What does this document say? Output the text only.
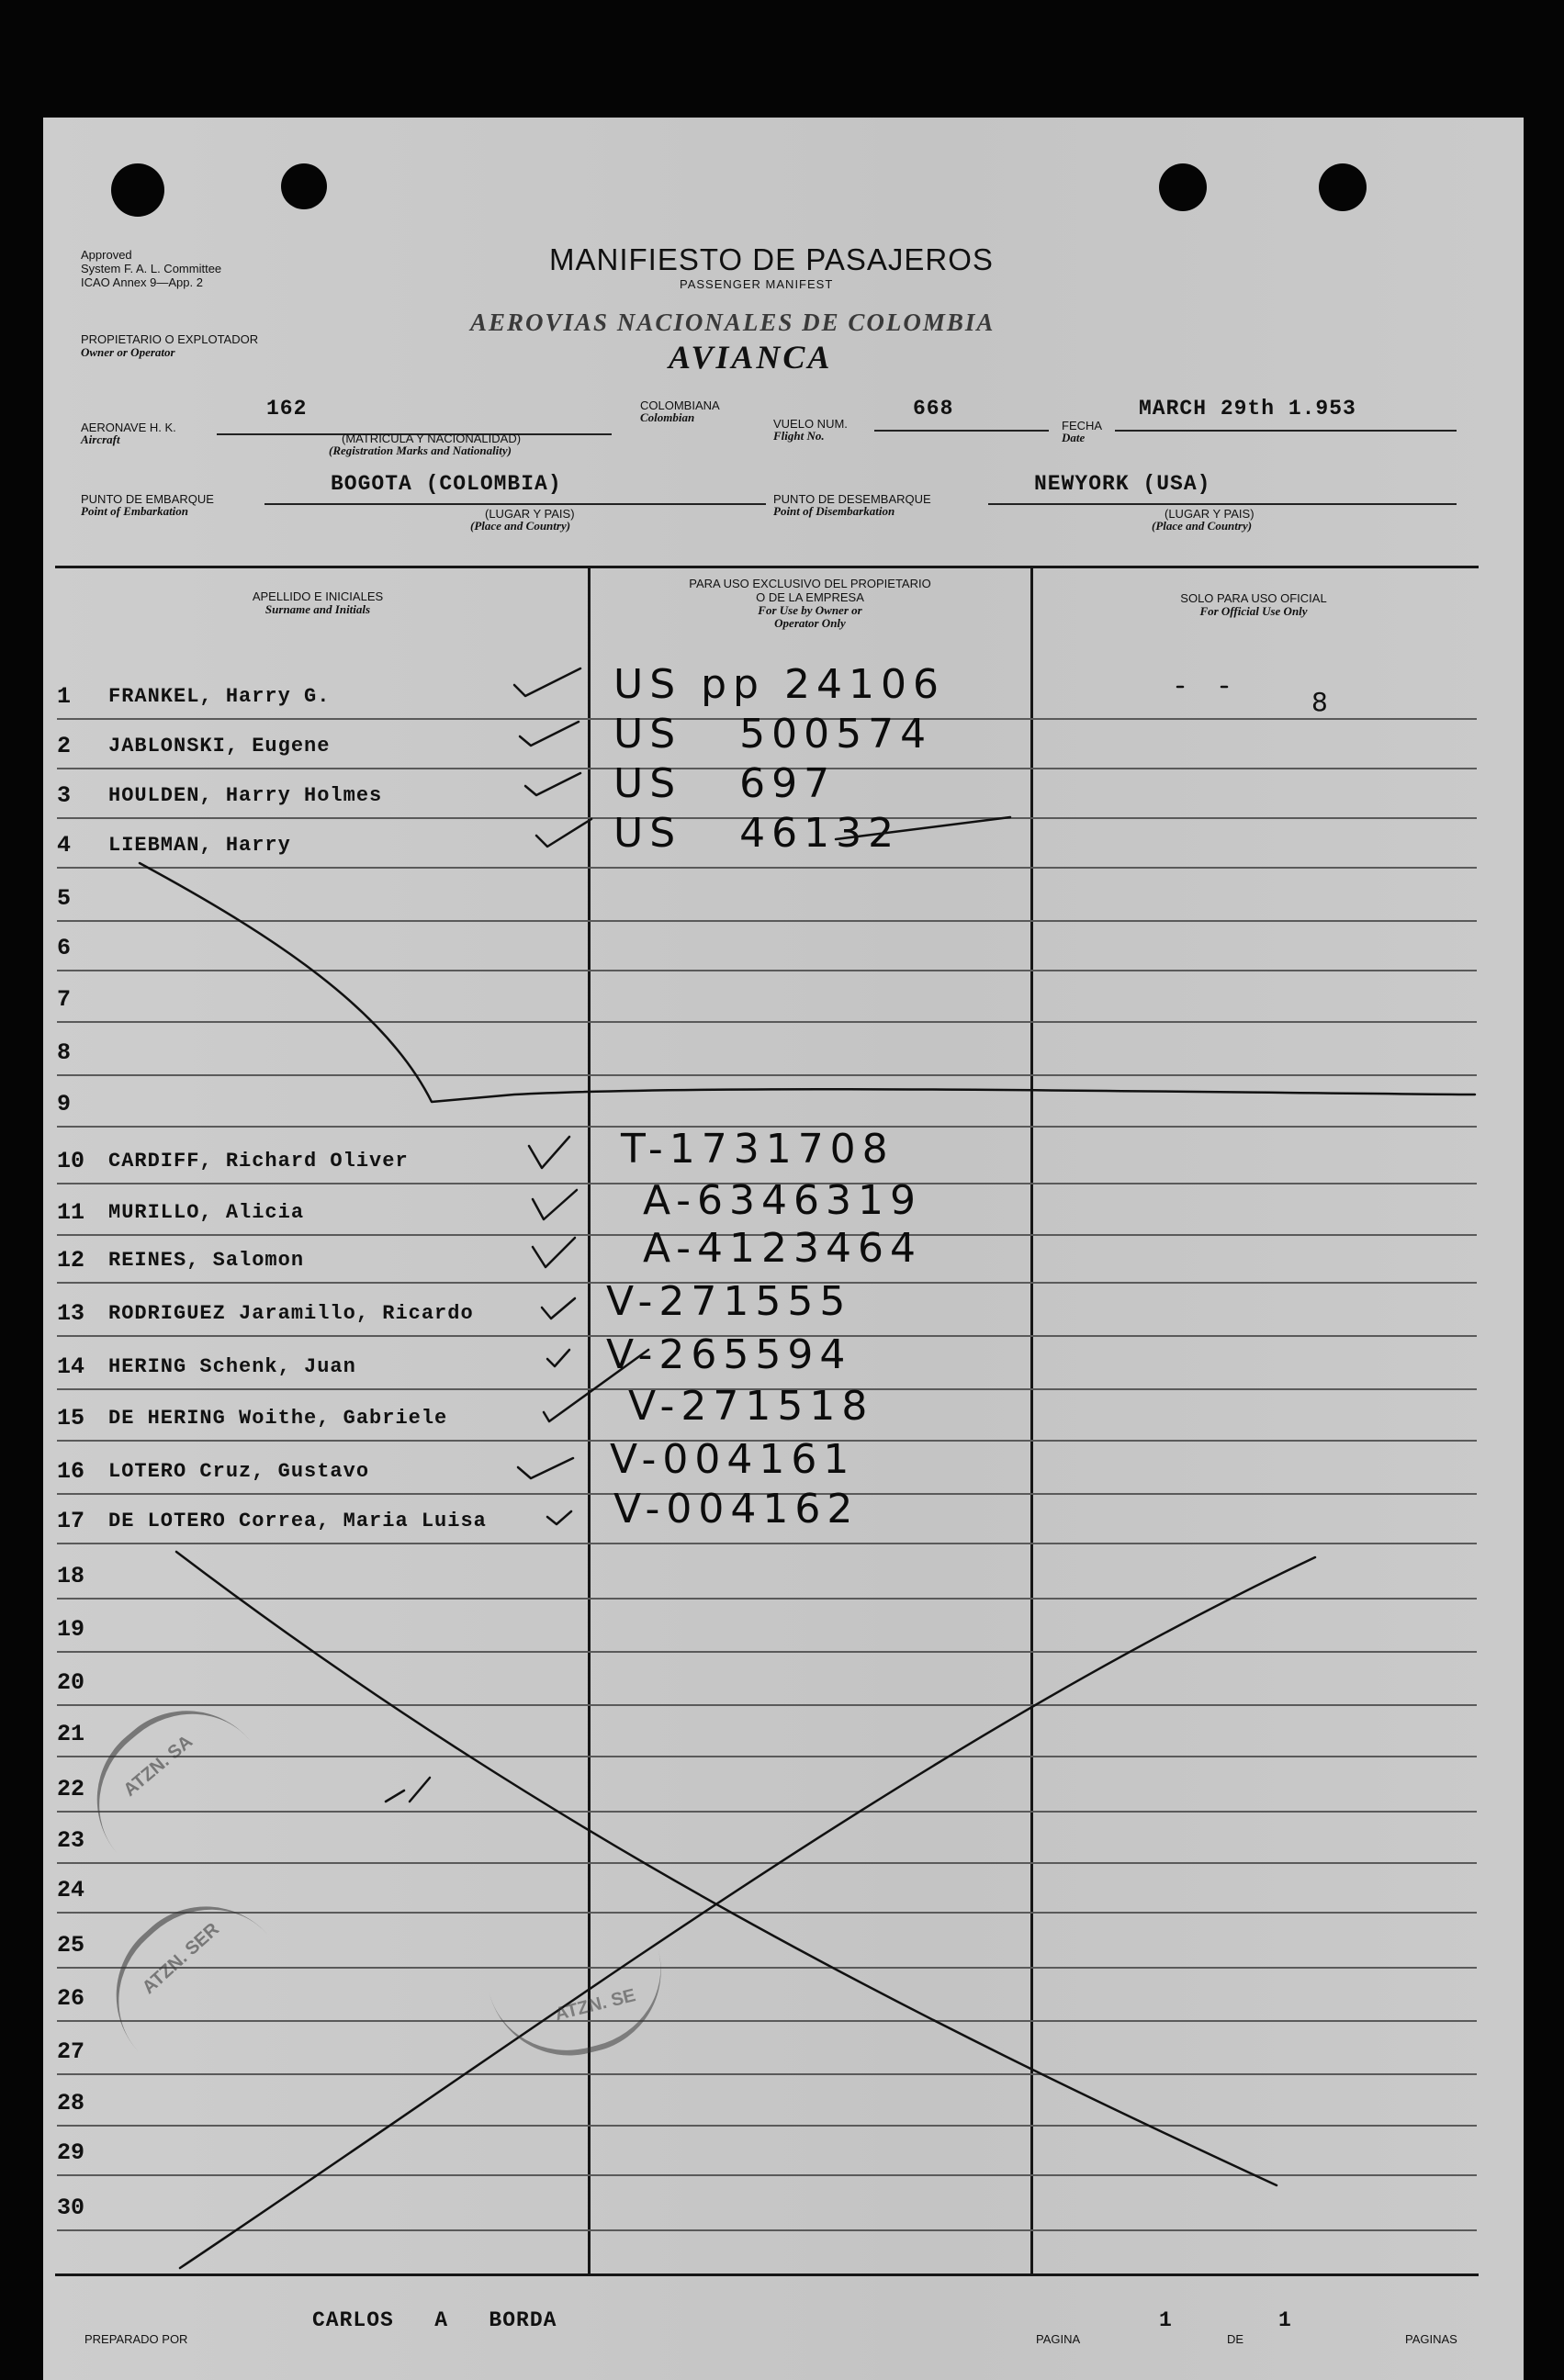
Approved
System F. A. L. Committee
ICAO Annex 9—App. 2
MANIFIESTO DE PASAJEROS
PASSENGER MANIFEST
PROPIETARIO O EXPLOTADOR
Owner or Operator
AEROVIAS NACIONALES DE COLOMBIA
AVIANCA
AERONAVE H. K.
Aircraft
162
(MATRICULA Y NACIONALIDAD)
(Registration Marks and Nationality)
COLOMBIANA
Colombian	VUELO NUM.
Flight No.
668
FECHA
Date
MARCH 29th 1.953
PUNTO DE EMBARQUE
Point of Embarkation
BOGOTA (COLOMBIA)
(LUGAR Y PAIS)
(Place and Country)
PUNTO DE DESEMBARQUE
Point of Disembarkation
NEWYORK (USA)
(LUGAR Y PAIS)
(Place and Country)
APELLIDO E INICIALES
Surname and Initials
PARA USO EXCLUSIVO DEL PROPIETARIO
O DE LA EMPRESA
For Use by Owner or
Operator Only
SOLO PARA USO OFICIAL
For Official Use Only
1 FRANKEL, Harry G.	US pp 24106	8
2 JABLONSKI, Eugene	US   500574
3 HOULDEN, Harry Holmes	US   697
4 LIEBMAN, Harry	US   46132
5
6
7
8
9
10 CARDIFF, Richard Oliver	T-1731708
11 MURILLO, Alicia	A-6346319
12 REINES, Salomon	A-4123464
13 RODRIGUEZ Jaramillo, Ricardo	V-271555
14 HERING Schenk, Juan	V-265594
15 DE HERING Woithe, Gabriele	V-271518
16 LOTERO Cruz, Gustavo	V-004161
17 DE LOTERO Correa, Maria Luisa	V-004162
18
19
20
21
22
23
24
25
26
27
28
29
30
ATZN. SA
ATZN. SER
ATZN. SE
PREPARADO POR
CARLOS   A   BORDA
PAGINA
1
DE
1
PAGINAS
